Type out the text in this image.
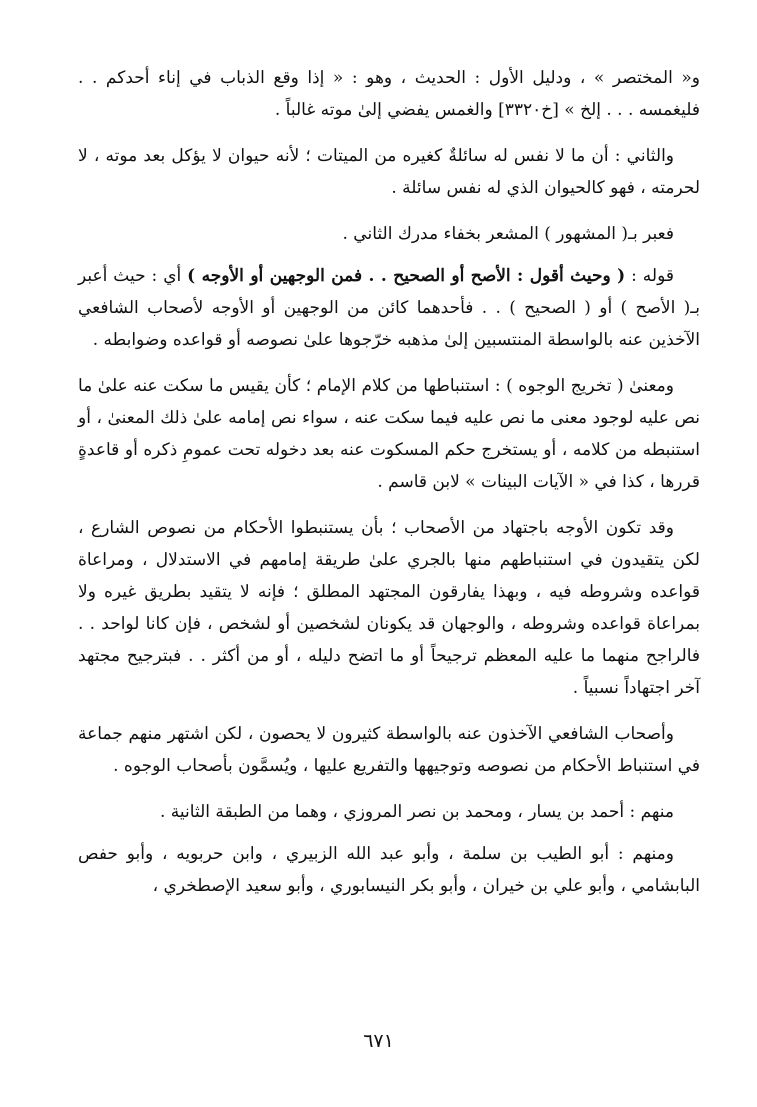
و« المختصر » ، ودليل الأول : الحديث ، وهو : « إذا وقع الذباب في إناء أحدكم . . فليغمسه . . . إلخ » [خ٣٣٢٠] والغمس يفضي إلىٰ موته غالباً .

والثاني : أن ما لا نفس له سائلةٌ كغيره من الميتات ؛ لأنه حيوان لا يؤكل بعد موته ، لا لحرمته ، فهو كالحيوان الذي له نفس سائلة .

فعبر بـ( المشهور ) المشعر بخفاء مدرك الثاني .

قوله : ( وحيث أقول : الأصح أو الصحيح . . فمن الوجهين أو الأوجه ) أي : حيث أعبر بـ( الأصح ) أو ( الصحيح ) . . فأحدهما كائن من الوجهين أو الأوجه لأصحاب الشافعي الآخذين عنه بالواسطة المنتسبين إلىٰ مذهبه خرّجوها علىٰ نصوصه أو قواعده وضوابطه .

ومعنىٰ ( تخريج الوجوه ) : استنباطها من كلام الإمام ؛ كأن يقيس ما سكت عنه علىٰ ما نص عليه لوجود معنى ما نص عليه فيما سكت عنه ، سواء نص إمامه علىٰ ذلك المعنىٰ ، أو استنبطه من كلامه ، أو يستخرج حكم المسكوت عنه بعد دخوله تحت عمومِ ذكره أو قاعدةٍ قررها ، كذا في « الآيات البينات » لابن قاسم .

وقد تكون الأوجه باجتهاد من الأصحاب ؛ بأن يستنبطوا الأحكام من نصوص الشارع ، لكن يتقيدون في استنباطهم منها بالجري علىٰ طريقة إمامهم في الاستدلال ، ومراعاة قواعده وشروطه فيه ، وبهذا يفارقون المجتهد المطلق ؛ فإنه لا يتقيد بطريق غيره ولا بمراعاة قواعده وشروطه ، والوجهان قد يكونان لشخصين أو لشخص ، فإن كانا لواحد . . فالراجح منهما ما عليه المعظم ترجيحاً أو ما اتضح دليله ، أو من أكثر . . فبترجيح مجتهد آخر اجتهاداً نسبياً .

وأصحاب الشافعي الآخذون عنه بالواسطة كثيرون لا يحصون ، لكن اشتهر منهم جماعة في استنباط الأحكام من نصوصه وتوجيهها والتفريع عليها ، ويُسمَّون بأصحاب الوجوه .

منهم : أحمد بن يسار ، ومحمد بن نصر المروزي ، وهما من الطبقة الثانية .

ومنهم : أبو الطيب بن سلمة ، وأبو عبد الله الزبيري ، وابن حربويه ، وأبو حفص البابشامي ، وأبو علي بن خيران ، وأبو بكر النيسابوري ، وأبو سعيد الإصطخري ،

٦٧١
